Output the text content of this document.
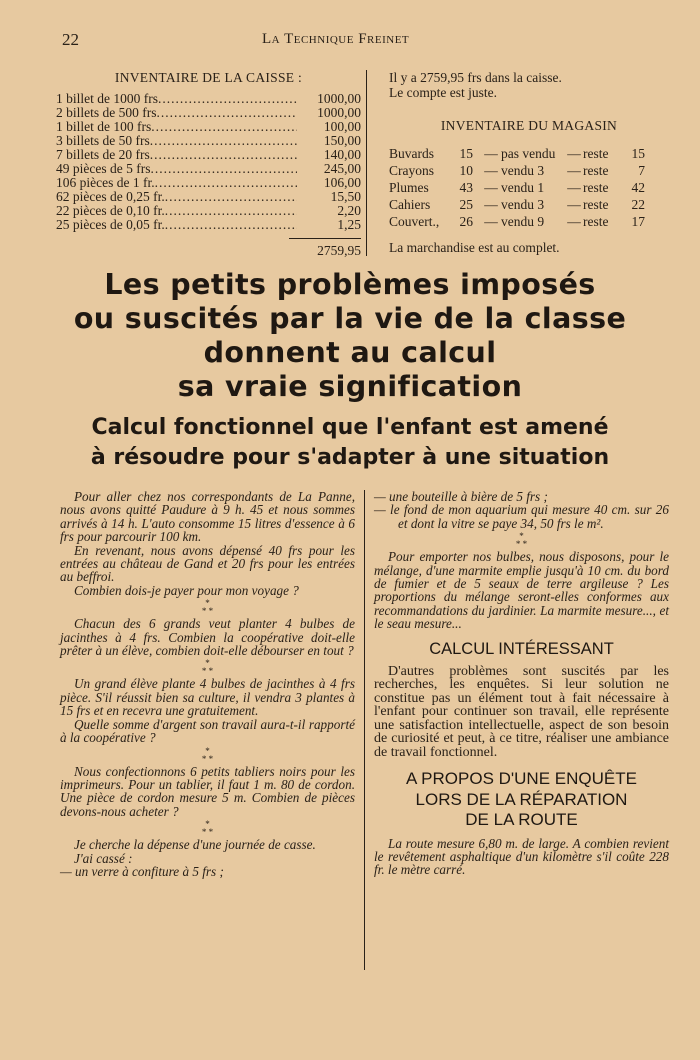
22	La Technique Freinet
INVENTAIRE DE LA CAISSE :
1 billet de 1000 frs .....	1000,00
2 billets de 500 frs .....	1000,00
1 billet de 100 frs .....	100,00
3 billets de 50 frs .....	150,00
7 billets de 20 frs .....	140,00
49 pièces de 5 frs .....	245,00
106 pièces de 1 fr. .....	106,00
62 pièces de 0,25 fr. .....	15,50
22 pièces de 0,10 fr. .....	2,20
25 pièces de 0,05 fr. .....	1,25
2759,95

Il y a 2759,95 frs dans la caisse.

Le compte est juste.

INVENTAIRE DU MAGASIN

Buvards	15 — pas vendu — reste	15
Crayons	10 — vendu 3	— reste	7
Plumes	43 — vendu 1	— reste	42
Cahiers	25 — vendu 3	— reste	22
Couvert.,	26 — vendu 9	— reste	17

La marchandise est au complet.

Les petits problèmes imposés
ou suscités par la vie de la classe
donnent au calcul
sa vraie signification
Calcul fonctionnel que l'enfant est amené
à résoudre pour s'adapter à une situation

Pour aller chez nos correspondants de La Panne, nous avons quitté Paudure à 9 h. 45 et nous sommes arrivés à 14 h. L'auto consomme 15 litres d'essence à 6 frs pour parcourir 100 km.

En revenant, nous avons dépensé 40 frs pour les entrées au château de Gand et 20 frs pour les entrées au beffroi.

Combien dois-je payer pour mon voyage ?

*
* *

Chacun des 6 grands veut planter 4 bulbes de jacinthes à 4 frs. Combien la coopérative doit-elle prêter à un élève, combien doit-elle débourser en tout ?

*
* *

Un grand élève plante 4 bulbes de jacinthes à 4 frs pièce. S'il réussit bien sa culture, il vendra 3 plantes à 15 frs et en recevra une gratuitement.

Quelle somme d'argent son travail aura-t-il rapporté à la coopérative ?

*
* *

Nous confectionnons 6 petits tabliers noirs pour les imprimeurs. Pour un tablier, il faut 1 m. 80 de cordon. Une pièce de cordon mesure 5 m. Combien de pièces devons-nous acheter ?

*
* *

Je cherche la dépense d'une journée de casse.

J'ai cassé :

— un verre à confiture à 5 frs ;

— une bouteille à bière de 5 frs ;

— le fond de mon aquarium qui mesure 40 cm. sur 26 et dont la vitre se paye 34, 50 frs le m².

*
* *

Pour emporter nos bulbes, nous disposons, pour le mélange, d'une marmite emplie jusqu'à 10 cm. du bord de fumier et de 5 seaux de terre argileuse ? Les proportions du mélange seront-elles conformes aux recommandations du jardinier. La marmite mesure..., et le seau mesure...

CALCUL INTÉRESSANT

D'autres problèmes sont suscités par les recherches, les enquêtes. Si leur solution ne constitue pas un élément tout à fait nécessaire à l'enfant pour continuer son travail, elle représente une satisfaction intellectuelle, aspect de son besoin de curiosité et peut, à ce titre, réaliser une ambiance de travail fonctionnel.

A PROPOS D'UNE ENQUÊTE
LORS DE LA RÉPARATION
DE LA ROUTE

La route mesure 6,80 m. de large. A combien revient le revêtement asphaltique d'un kilomètre s'il coûte 228 fr. le mètre carré.
